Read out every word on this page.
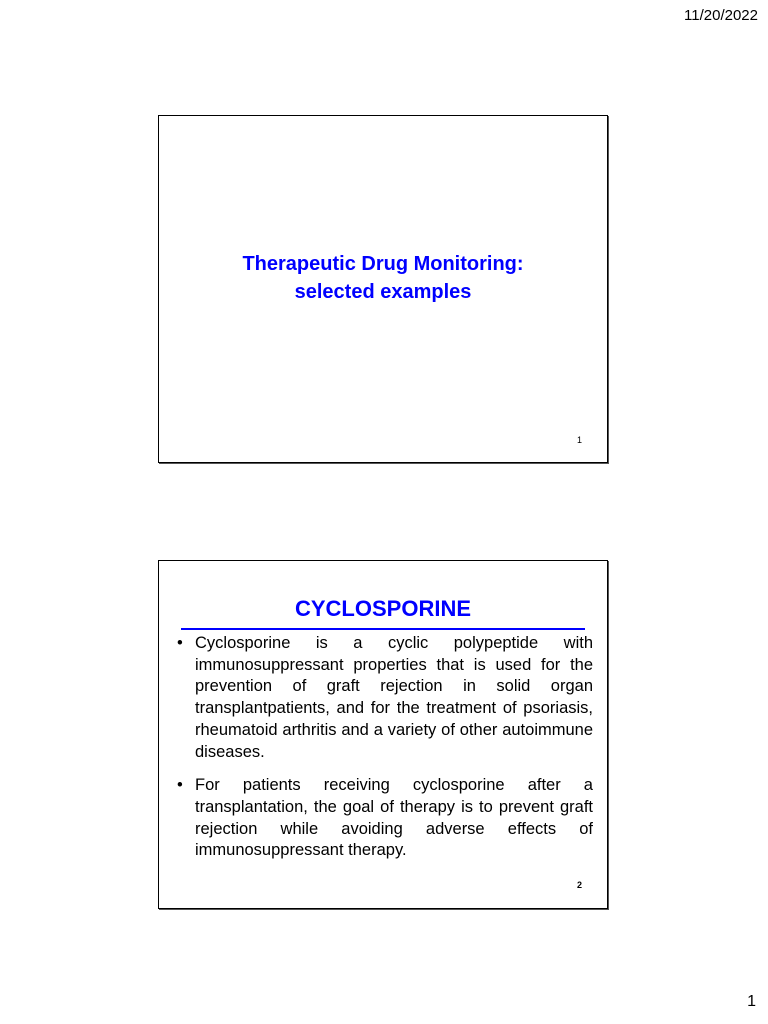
11/20/2022
Therapeutic Drug Monitoring:
selected examples
1
CYCLOSPORINE
• Cyclosporine is a cyclic polypeptide with immunosuppressant properties that is used for the prevention of graft rejection in solid organ transplantpatients, and for the treatment of psoriasis, rheumatoid arthritis and a variety of other autoimmune diseases.
• For patients receiving cyclosporine after a transplantation, the goal of therapy is to prevent graft rejection while avoiding adverse effects of immunosuppressant therapy.
2
1
